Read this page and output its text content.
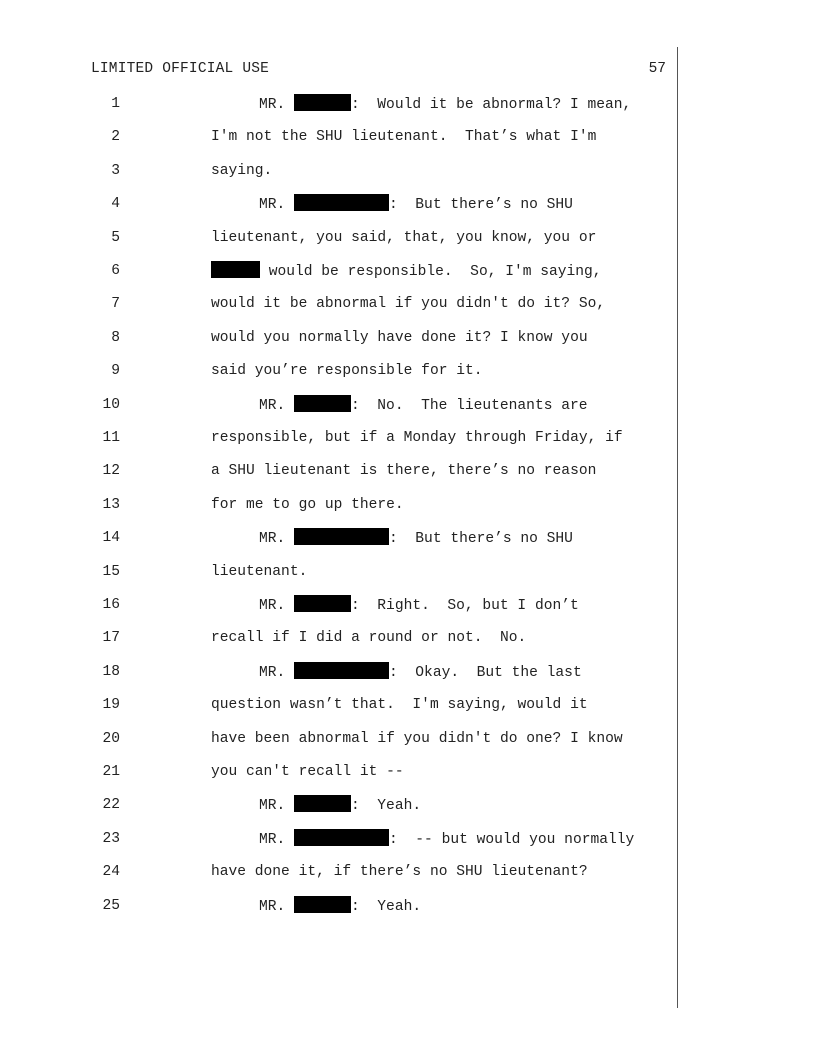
LIMITED OFFICIAL USE	57
1	MR.	:  Would it be abnormal? I mean,
2	I'm not the SHU lieutenant.  That’s what I'm
3	saying.
4	MR.	:  But there’s no SHU
5	lieutenant, you said, that, you know, you or
6	would be responsible.  So, I'm saying,
7	would it be abnormal if you didn't do it? So,
8	would you normally have done it? I know you
9	said you’re responsible for it.
10	MR.	:  No.  The lieutenants are
11	responsible, but if a Monday through Friday, if
12	a SHU lieutenant is there, there’s no reason
13	for me to go up there.
14	MR.	:  But there’s no SHU
15	lieutenant.
16	MR.	:  Right.  So, but I don’t
17	recall if I did a round or not.  No.
18	MR.	:  Okay.  But the last
19	question wasn’t that.  I'm saying, would it
20	have been abnormal if you didn't do one? I know
21	you can't recall it --
22	MR.	:  Yeah.
23	MR.	:  -- but would you normally
24	have done it, if there’s no SHU lieutenant?
25	MR.	:  Yeah.
